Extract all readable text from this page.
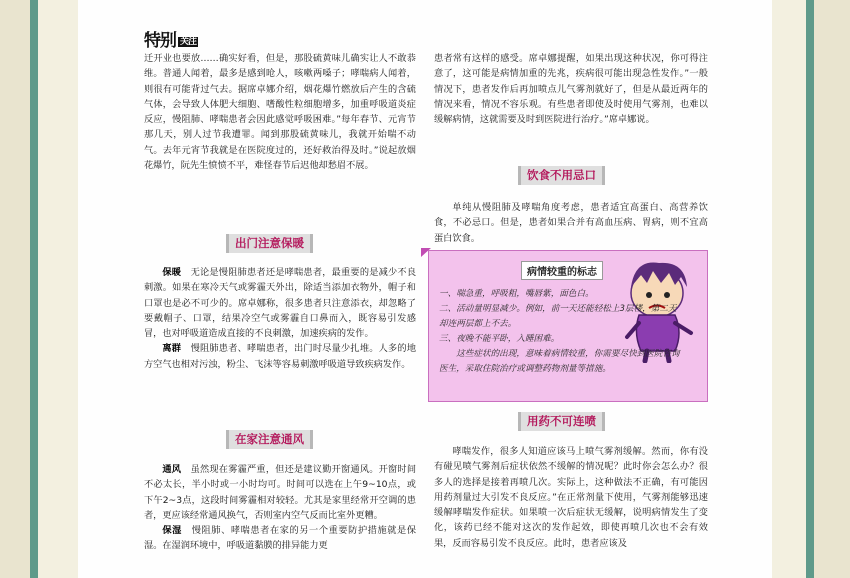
特别 关注

迁开业也要放……确实好看，但是，那股硫黄味儿确实让人不敢恭维。普通人闻着，最多是感到呛人，咳嗽两嗓子；哮喘病人闻着，则很有可能背过气去。据席卓娜介绍，烟花爆竹燃放后产生的含硫气体，会导致人体肥大细胞、嗜酸性粒细胞增多，加重呼吸道炎症反应，慢阻肺、哮喘患者会因此感觉呼吸困难。”每年春节、元宵节那几天，别人过节我遭罪。闻到那股硫黄味儿，我就开始喘不动气。去年元宵节我就是在医院度过的，还好救治得及时。”说起放烟花爆竹，阮先生愤愤不平，难怪春节后迟他却愁眉不展。

出门注意保暖

保暖　 无论是慢阻肺患者还是哮喘患者，最重要的是减少不良刺激。如果在寒冷天气或雾霾天外出，除适当添加衣物外，帽子和口罩也是必不可少的。席卓娜称，很多患者只注意添衣，却忽略了要戴帽子、口罩，结果冷空气或雾霾自口鼻而入，既容易引发感冒，也对呼吸道造成直接的不良刺激，加速疾病的发作。

离群　 慢阻肺患者、哮喘患者，出门时尽量少扎堆。人多的地方空气也相对污浊，粉尘、飞沫等容易刺激呼吸道导致疾病发作。

在家注意通风

通风　 虽然现在雾霾严重，但还是建议勤开窗通风。开窗时间不必太长，半小时或一小时均可。时间可以选在上午9~10点，或下午2~3点，这段时间雾霾相对较轻。尤其是家里经常开空调的患者，更应该经常通风换气，否则室内空气反而比室外更糟。

保湿　 慢阻肺、哮喘患者在家的另一个重要防护措施就是保湿。在湿润环境中，呼吸道黏膜的排异能力更

患者常有这样的感受。席卓娜提醒，如果出现这种状况，你可得注意了，这可能是病情加重的先兆，疾病很可能出现急性发作。”一般情况下，患者发作后再加喷点儿气雾剂就好了，但是从最近两年的情况来看，情况不容乐观。有些患者即使及时使用气雾剂，也难以缓解病情，这就需要及时到医院进行治疗。”席卓娜说。

饮食不用忌口

单纯从慢阻肺及哮喘角度考虑，患者适宜高蛋白、高营养饮食，不必忌口。但是，患者如果合并有高血压病、胃病，则不宜高蛋白饮食。

病情较重的标志

一、喘急重，呼吸粗，嘴唇紫，面色白。

二、活动量明显减少。例如，前一天还能轻松上3层楼，第二天却连两层都上不去。

三、夜晚不能平卧，入睡困难。

这些症状的出现，意味着病情较重，你需要尽快到医院咨询医生，采取住院治疗或调整药物剂量等措施。

用药不可连喷

哮喘发作，很多人知道应该马上喷气雾剂缓解。然而，你有没有碰见喷气雾剂后症状依然不缓解的情况呢？此时你会怎么办？很多人的选择是接着再喷几次。实际上，这种做法不正确，有可能因用药剂量过大引发不良反应。”在正常剂量下使用，气雾剂能够迅速缓解哮喘发作症状。如果喷一次后症状无缓解，说明病情发生了变化，该药已经不能对这次的发作起效，即使再喷几次也不会有效果，反而容易引发不良反应。此时，患者应该及
